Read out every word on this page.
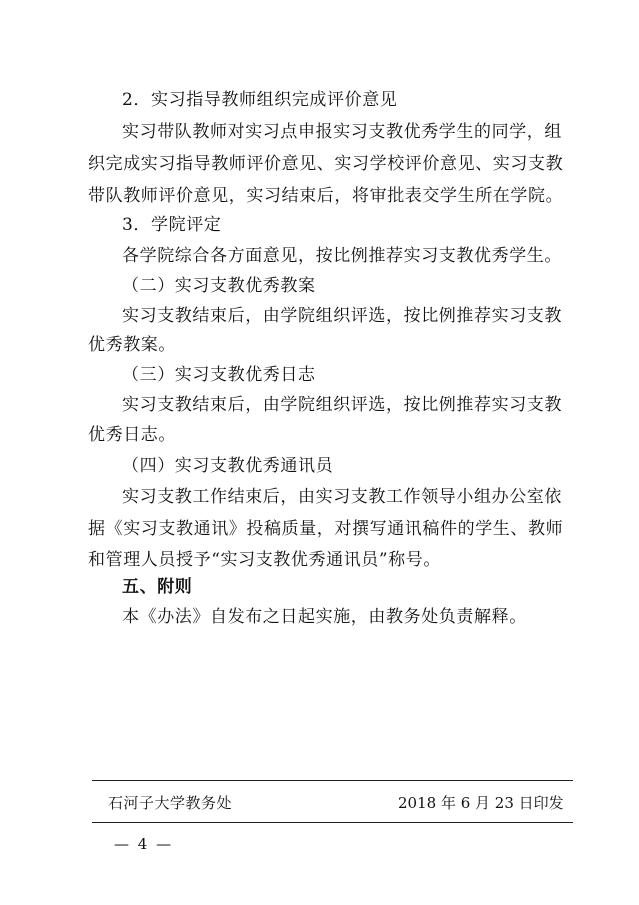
2．实习指导教师组织完成评价意见
实习带队教师对实习点申报实习支教优秀学生的同学，组
织完成实习指导教师评价意见、实习学校评价意见、实习支教
带队教师评价意见，实习结束后，将审批表交学生所在学院。
3．学院评定
各学院综合各方面意见，按比例推荐实习支教优秀学生。
（二）实习支教优秀教案
实习支教结束后，由学院组织评选，按比例推荐实习支教
优秀教案。
（三）实习支教优秀日志
实习支教结束后，由学院组织评选，按比例推荐实习支教
优秀日志。
（四）实习支教优秀通讯员
实习支教工作结束后，由实习支教工作领导小组办公室依
据《实习支教通讯》投稿质量，对撰写通讯稿件的学生、教师
和管理人员授予“实习支教优秀通讯员”称号。
五、附则
本《办法》自发布之日起实施，由教务处负责解释。
石河子大学教务处	2018 年 6 月 23 日印发
— 4 —
